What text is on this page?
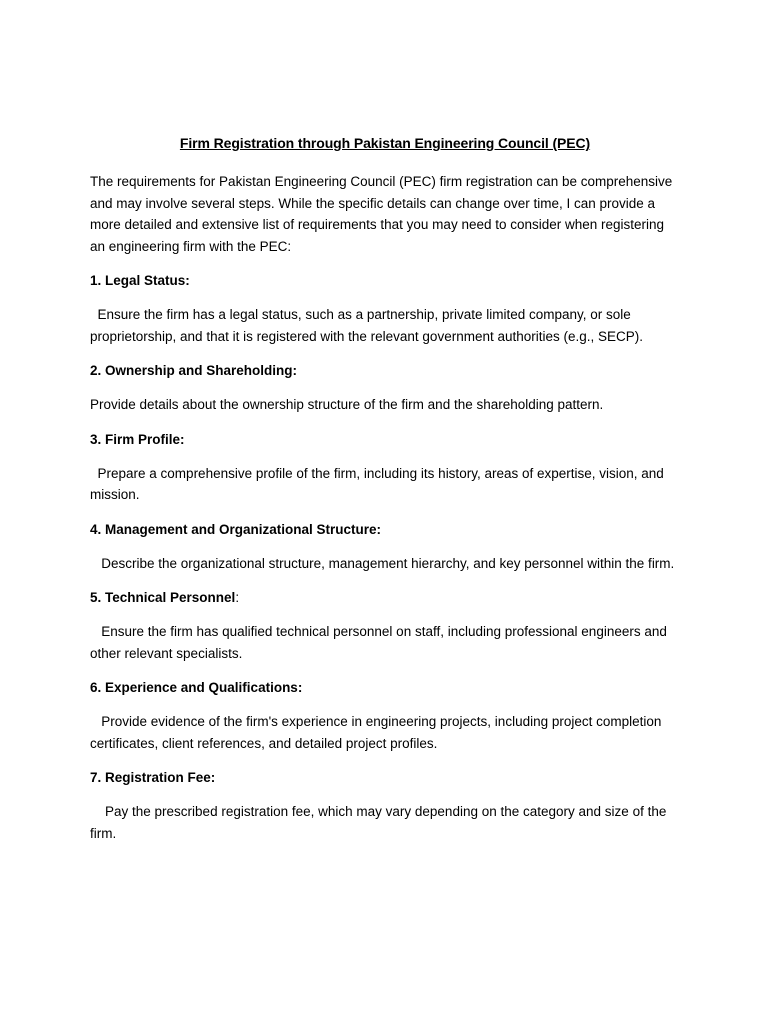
Firm Registration through Pakistan Engineering Council (PEC)
The requirements for Pakistan Engineering Council (PEC) firm registration can be comprehensive and may involve several steps. While the specific details can change over time, I can provide a more detailed and extensive list of requirements that you may need to consider when registering an engineering firm with the PEC:
1. Legal Status:
Ensure the firm has a legal status, such as a partnership, private limited company, or sole proprietorship, and that it is registered with the relevant government authorities (e.g., SECP).
2. Ownership and Shareholding:
Provide details about the ownership structure of the firm and the shareholding pattern.
3. Firm Profile:
Prepare a comprehensive profile of the firm, including its history, areas of expertise, vision, and mission.
4. Management and Organizational Structure:
Describe the organizational structure, management hierarchy, and key personnel within the firm.
5. Technical Personnel:
Ensure the firm has qualified technical personnel on staff, including professional engineers and other relevant specialists.
6. Experience and Qualifications:
Provide evidence of the firm's experience in engineering projects, including project completion certificates, client references, and detailed project profiles.
7. Registration Fee:
Pay the prescribed registration fee, which may vary depending on the category and size of the firm.
